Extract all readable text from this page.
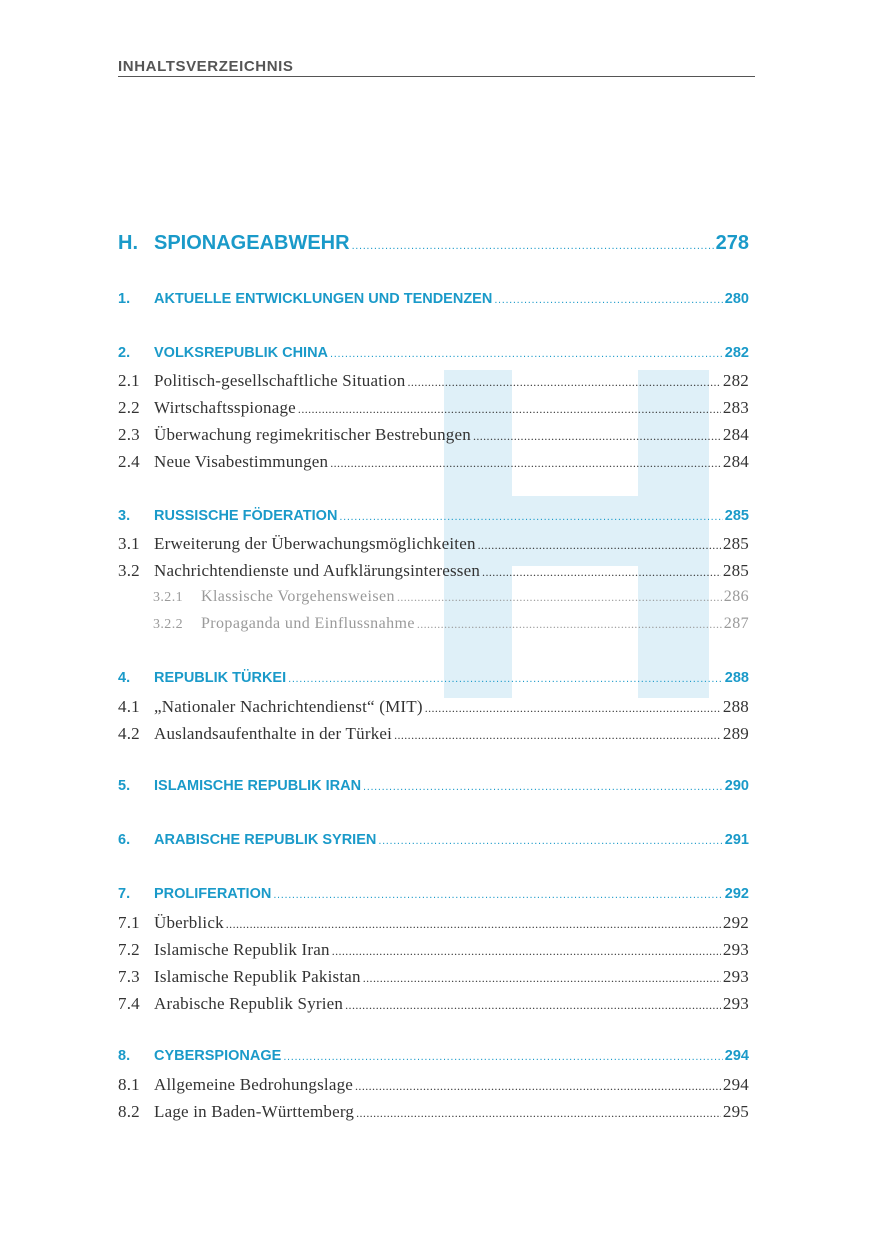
INHALTSVERZEICHNIS
H. SPIONAGEABWEHR . . .	278
1.	AKTUELLE ENTWICKLUNGEN UND TENDENZEN . . .	280
2.	VOLKSREPUBLIK CHINA . . .	282
2.1 Politisch-gesellschaftliche Situation . . .	282
2.2 Wirtschaftsspionage . . .	283
2.3 Überwachung regimekritischer Bestrebungen . . .	284
2.4 Neue Visabestimmungen . . .	284
3.	RUSSISCHE FÖDERATION . . .	285
3.1 Erweiterung der Überwachungsmöglichkeiten . . .	285
3.2 Nachrichtendienste und Aufklärungsinteressen . . .	285
3.2.1	Klassische Vorgehensweisen . . .	286
3.2.2	Propaganda und Einflussnahme . . .	287
4.	REPUBLIK TÜRKEI . . .	288
4.1 „Nationaler Nachrichtendienst“ (MIT) . . .	288
4.2 Auslandsaufenthalte in der Türkei . . .	289
5.	ISLAMISCHE REPUBLIK IRAN . . .	290
6.	ARABISCHE REPUBLIK SYRIEN . . .	291
7.	PROLIFERATION . . .	292
7.1 Überblick . . .	292
7.2 Islamische Republik Iran . . .	293
7.3 Islamische Republik Pakistan . . .	293
7.4 Arabische Republik Syrien . . .	293
8.	CYBERSPIONAGE . . .	294
8.1 Allgemeine Bedrohungslage . . .	294
8.2 Lage in Baden-Württemberg . . .	295
